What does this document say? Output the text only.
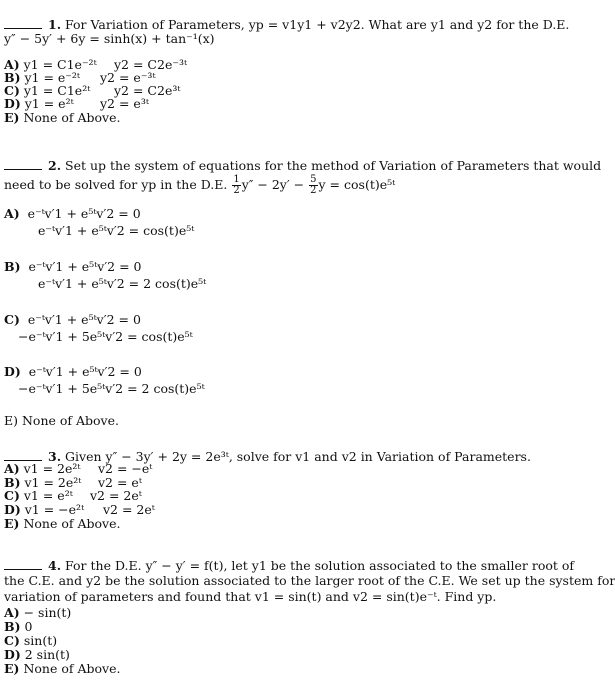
1. For Variation of Parameters, yp = v1y1 + v2y2. What are y1 and y2 for the D.E.
y″ − 5y′ + 6y = sinh(x) + tan⁻¹(x)
A) y1 = C1e⁻²ᵗ y2 = C2e⁻³ᵗ
B) y1 = e⁻²ᵗ y2 = e⁻³ᵗ
C) y1 = C1e²ᵗ y2 = C2e³ᵗ
D) y1 = e²ᵗ y2 = e³ᵗ
E) None of Above.
2. Set up the system of equations for the method of Variation of Parameters that would
need to be solved for yp in the D.E. $\frac{1}{2} y'' - 2y' - \frac{5}{2}$ y = cos(t)e⁵ᵗ
A) e⁻ᵗv′1 + e⁵ᵗv′2 = 0
e⁻ᵗv′1 + e⁵ᵗv′2 = cos(t)e⁵ᵗ
B) e⁻ᵗv′1 + e⁵ᵗv′2 = 0
e⁻ᵗv′1 + e⁵ᵗv′2 = 2 cos(t)e⁵ᵗ
C) e⁻ᵗv′1 + e⁵ᵗv′2 = 0
−e⁻ᵗv′1 + 5e⁵ᵗv′2 = cos(t)e⁵ᵗ
D) e⁻ᵗv′1 + e⁵ᵗv′2 = 0
−e⁻ᵗv′1 + 5e⁵ᵗv′2 = 2 cos(t)e⁵ᵗ
E) None of Above.
3. Given y″ − 3y′ + 2y = 2e³ᵗ, solve for v1 and v2 in Variation of Parameters.
A) v1 = 2e²ᵗ v2 = −eᵗ
B) v1 = 2e²ᵗ v2 = eᵗ
C) v1 = e²ᵗ v2 = 2eᵗ
D) v1 = −e²ᵗ v2 = 2eᵗ
E) None of Above.
4. For the D.E. y″ − y′ = f(t), let y1 be the solution associated to the smaller root of
the C.E. and y2 be the solution associated to the larger root of the C.E. We set up the system for
variation of parameters and found that v1 = sin(t) and v2 = sin(t)e⁻ᵗ. Find yp.
A) − sin(t)
B) 0
C) sin(t)
D) 2 sin(t)
E) None of Above.
